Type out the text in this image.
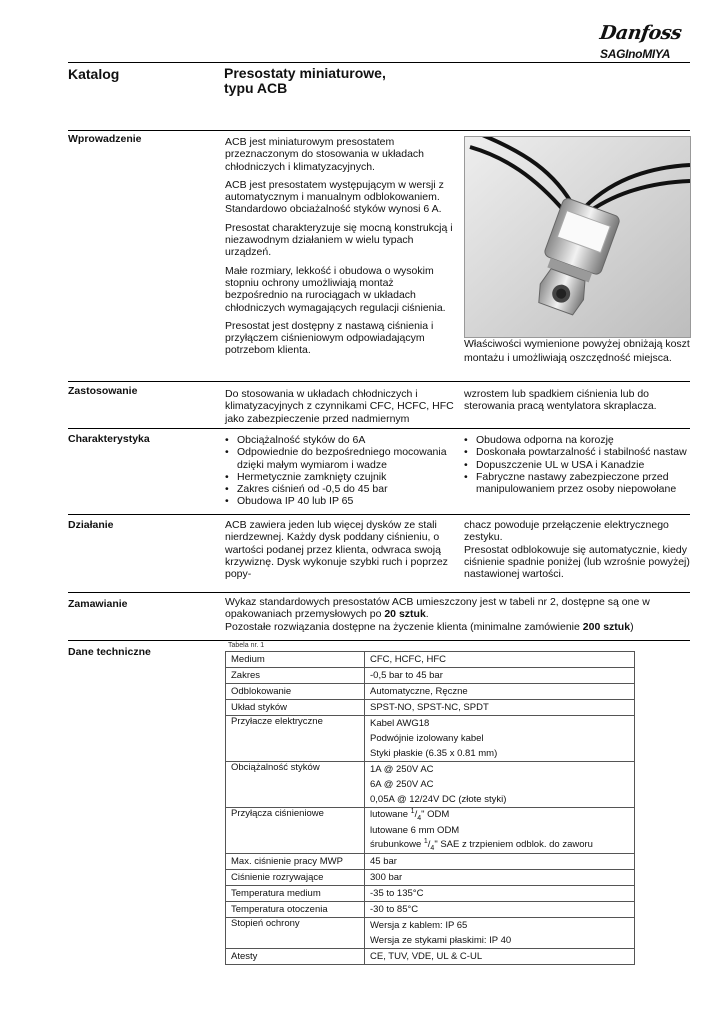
Danfoss
SAGInoMIYA
Katalog	Presostaty miniaturowe,
typu ACB
Wprowadzenie	ACB jest miniaturowym presostatem przeznaczonym do stosowania w układach chłodniczych i klimatyzacyjnych.

ACB jest presostatem występującym w wersji z automatycznym i manualnym odblokowaniem. Standardowo obciażalność styków wynosi 6 A.

Presostat charakteryzuje się mocną konstrukcją i niezawodnym działaniem w wielu typach urządzeń.

Małe rozmiary, lekkość i obudowa o wysokim stopniu ochrony umożliwiają montaż bezpośrednio na rurociągach w układach chłodniczych wymagających regulacji ciśnienia.

Presostat jest dostępny z nastawą ciśnienia i przyłączem ciśnieniowym odpowiadającym potrzebom klienta.

Właściwości wymienione powyżej obniżają koszt montażu i umożliwiają oszczędność miejsca.
Zastosowanie	Do stosowania w układach chłodniczych i klimatyzacyjnych z czynnikami CFC, HCFC, HFC jako zabezpieczenie przed nadmiernym
wzrostem lub spadkiem ciśnienia lub do sterowania pracą wentylatora skraplacza.
Charakterystyka	• Obciążalność styków do 6A
• Odpowiednie do bezpośredniego mocowania dzięki małym wymiarom i wadze
• Hermetycznie zamknięty czujnik
• Zakres ciśnień od -0,5 do 45 bar
• Obudowa IP 40 lub IP 65
• Obudowa odporna na korozję
• Doskonała powtarzalność i stabilność nastaw
• Dopuszczenie UL w USA i Kanadzie
• Fabryczne nastawy zabezpieczone przed manipulowaniem przez osoby niepowołane
Działanie	ACB zawiera jeden lub więcej dysków ze stali nierdzewnej. Każdy dysk poddany ciśnieniu, o wartości podanej przez klienta, odwraca swoją krzywiznę. Dysk wykonuje szybki ruch i poprzez popy-
chacz powoduje przełączenie elektrycznego zestyku.
Presostat odblokowuje się automatycznie, kiedy ciśnienie spadnie poniżej (lub wzrośnie powyżej) nastawionej wartości.
Zamawianie	Wykaz standardowych presostatów ACB umieszczony jest w tabeli nr 2, dostępne są one w opakowaniach przemysłowych po 20 sztuk.
Pozostałe rozwiązania dostępne na życzenie klienta (minimalne zamówienie 200 sztuk)
Dane techniczne
Tabela nr. 1
Medium	CFC, HCFC, HFC
Zakres	-0,5 bar to 45 bar
Odblokowanie	Automatyczne, Ręczne
Układ styków	SPST-NO, SPST-NC, SPDT
Przyłacze elektryczne	Kabel AWG18
	Podwójnie izolowany kabel
	Styki płaskie (6.35 x 0.81 mm)
Obciążalność styków	1A @ 250V AC
	6A @ 250V AC
	0,05A @ 12/24V DC (złote styki)
Przyłącza ciśnieniowe	lutowane $^1/_4$" ODM
	lutowane 6 mm ODM
	śrubunkowe $^1/_4$" SAE z trzpieniem odblok. do zaworu
Max. ciśnienie pracy MWP	45 bar
Ciśnienie rozrywające	300 bar
Temperatura medium	-35 to 135°C
Temperatura otoczenia	-30 to 85°C
Stopień ochrony	Wersja z kablem: IP 65
	Wersja ze stykami płaskimi: IP 40
Atesty	CE, TUV, VDE, UL & C-UL
